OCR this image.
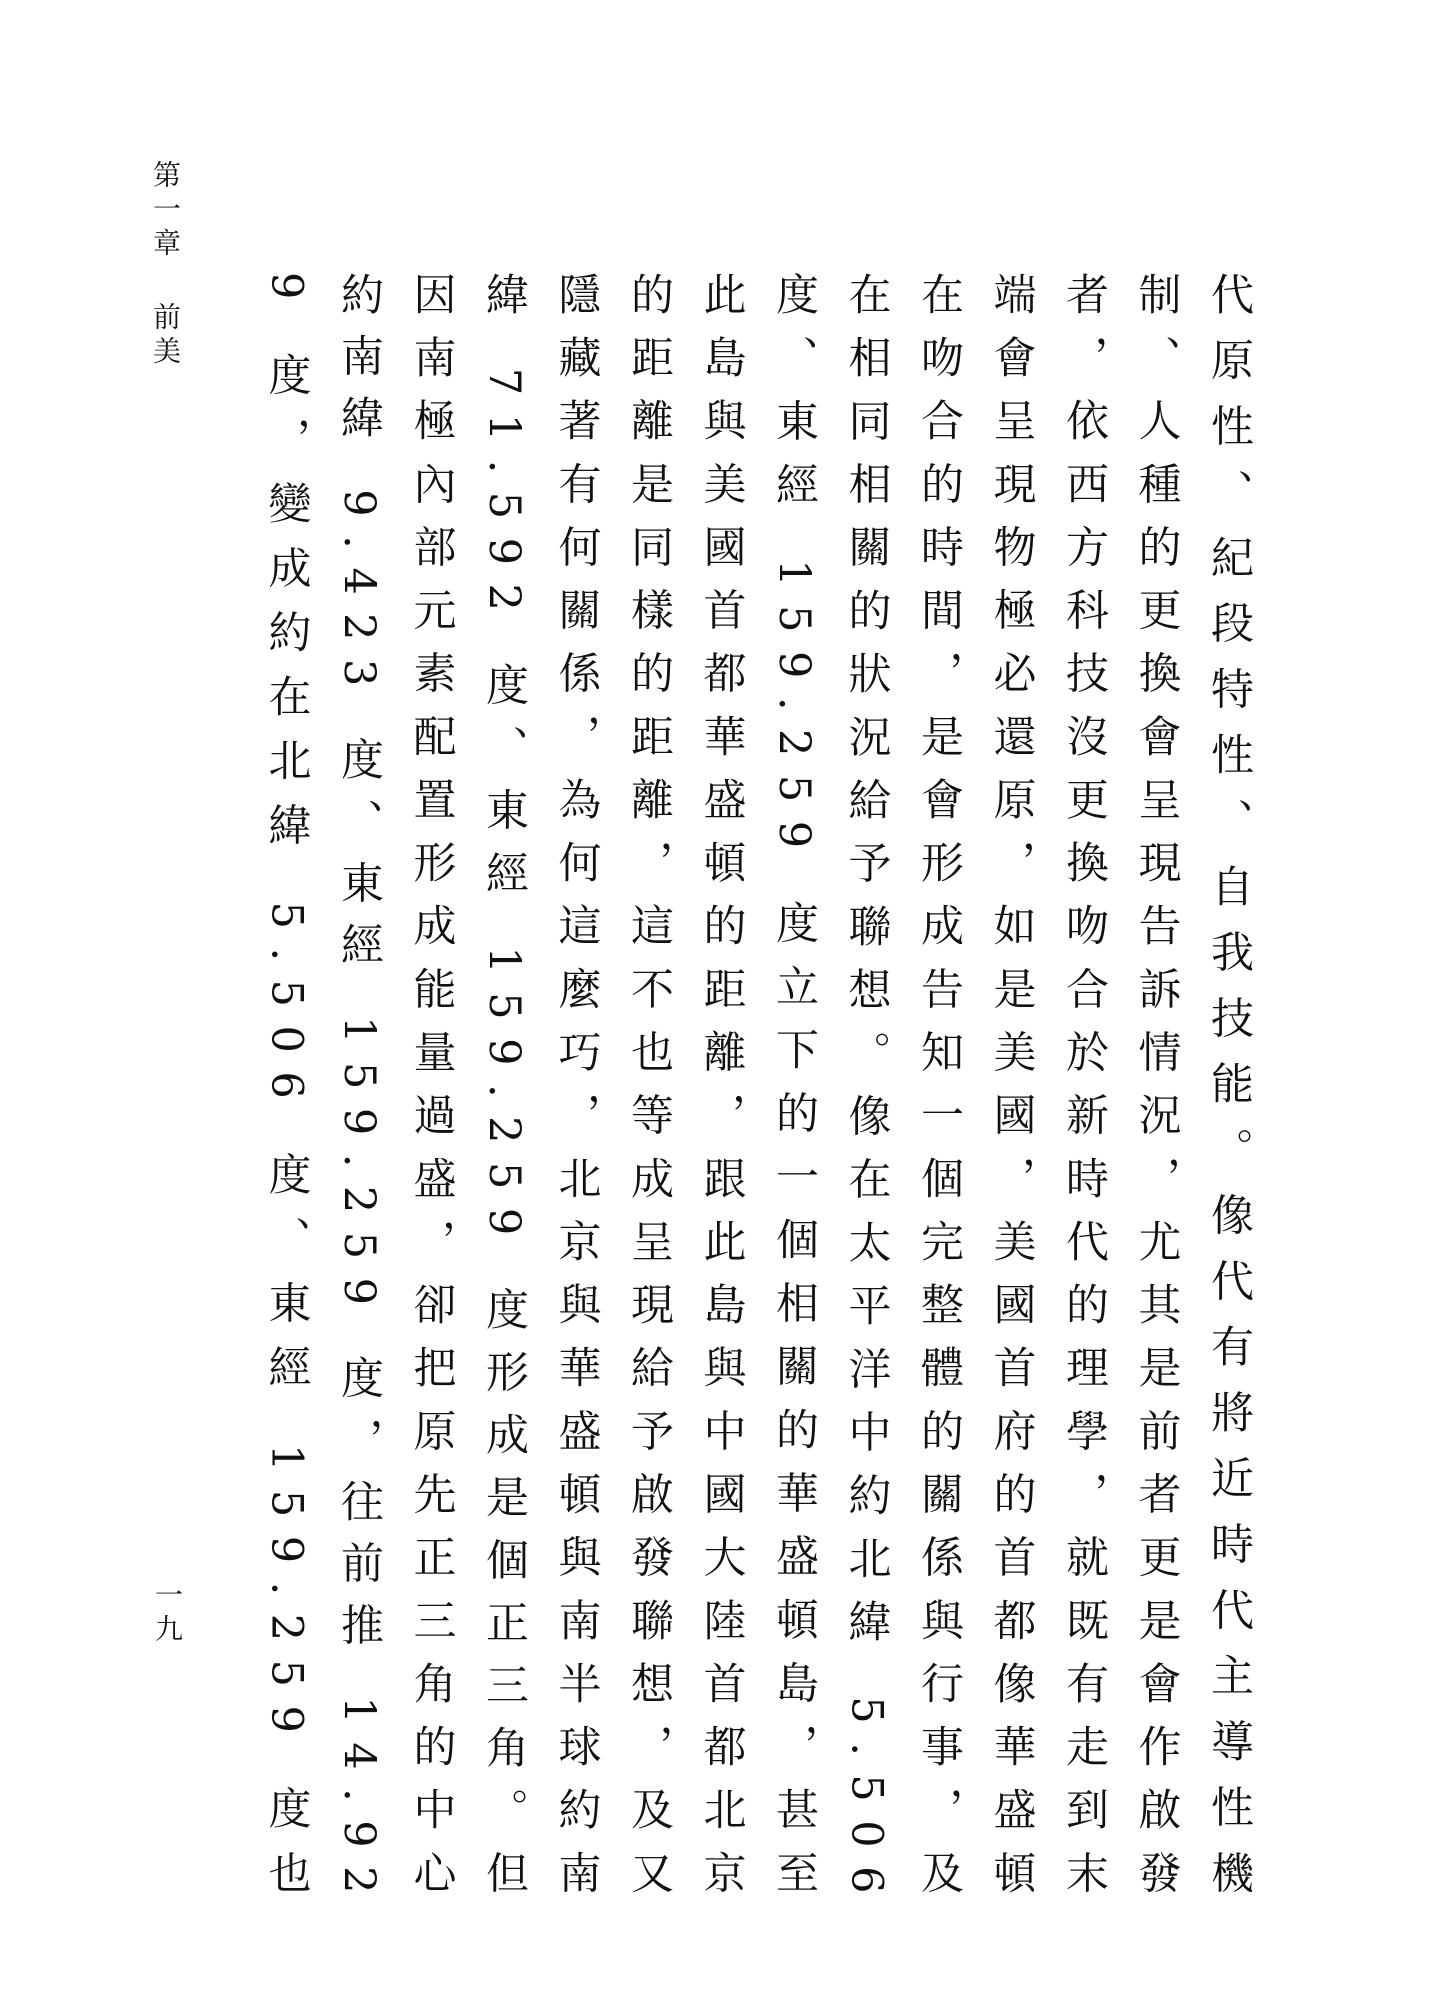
第一章前美	代原性、紀段特性、自我技能。像代有將近時代主導性機制、人種的更換會呈現告訴情況，尤其是前者更是會作啟發者，依西方科技沒更換吻合於新時代的理學，就既有走到末端會呈現物極必還原，如是美國，美國首府的首都像華盛頓在吻合的時間，是會形成告知一個完整體的關係與行事，及在相同相關的狀況給予聯想。像在太平洋中約北緯 5.506 度、東經 159.259 度立下的一個相關的華盛頓島，甚至此島與美國首都華盛頓的距離，跟此島與中國大陸首都北京的距離是同樣的距離，這不也等成呈現給予啟發聯想，及又隱藏著有何關係，為何這麼巧，北京與華盛頓與南半球約南緯 71.592 度、東經 159.259 度形成是個正三角。但因南極內部元素配置形成能量過盛，卻把原先正三角的中心約南緯 9.423 度、東經 159.259 度，往前推 14.929 度，變成約在北緯 5.506 度、東經 159.259 度也

一九
